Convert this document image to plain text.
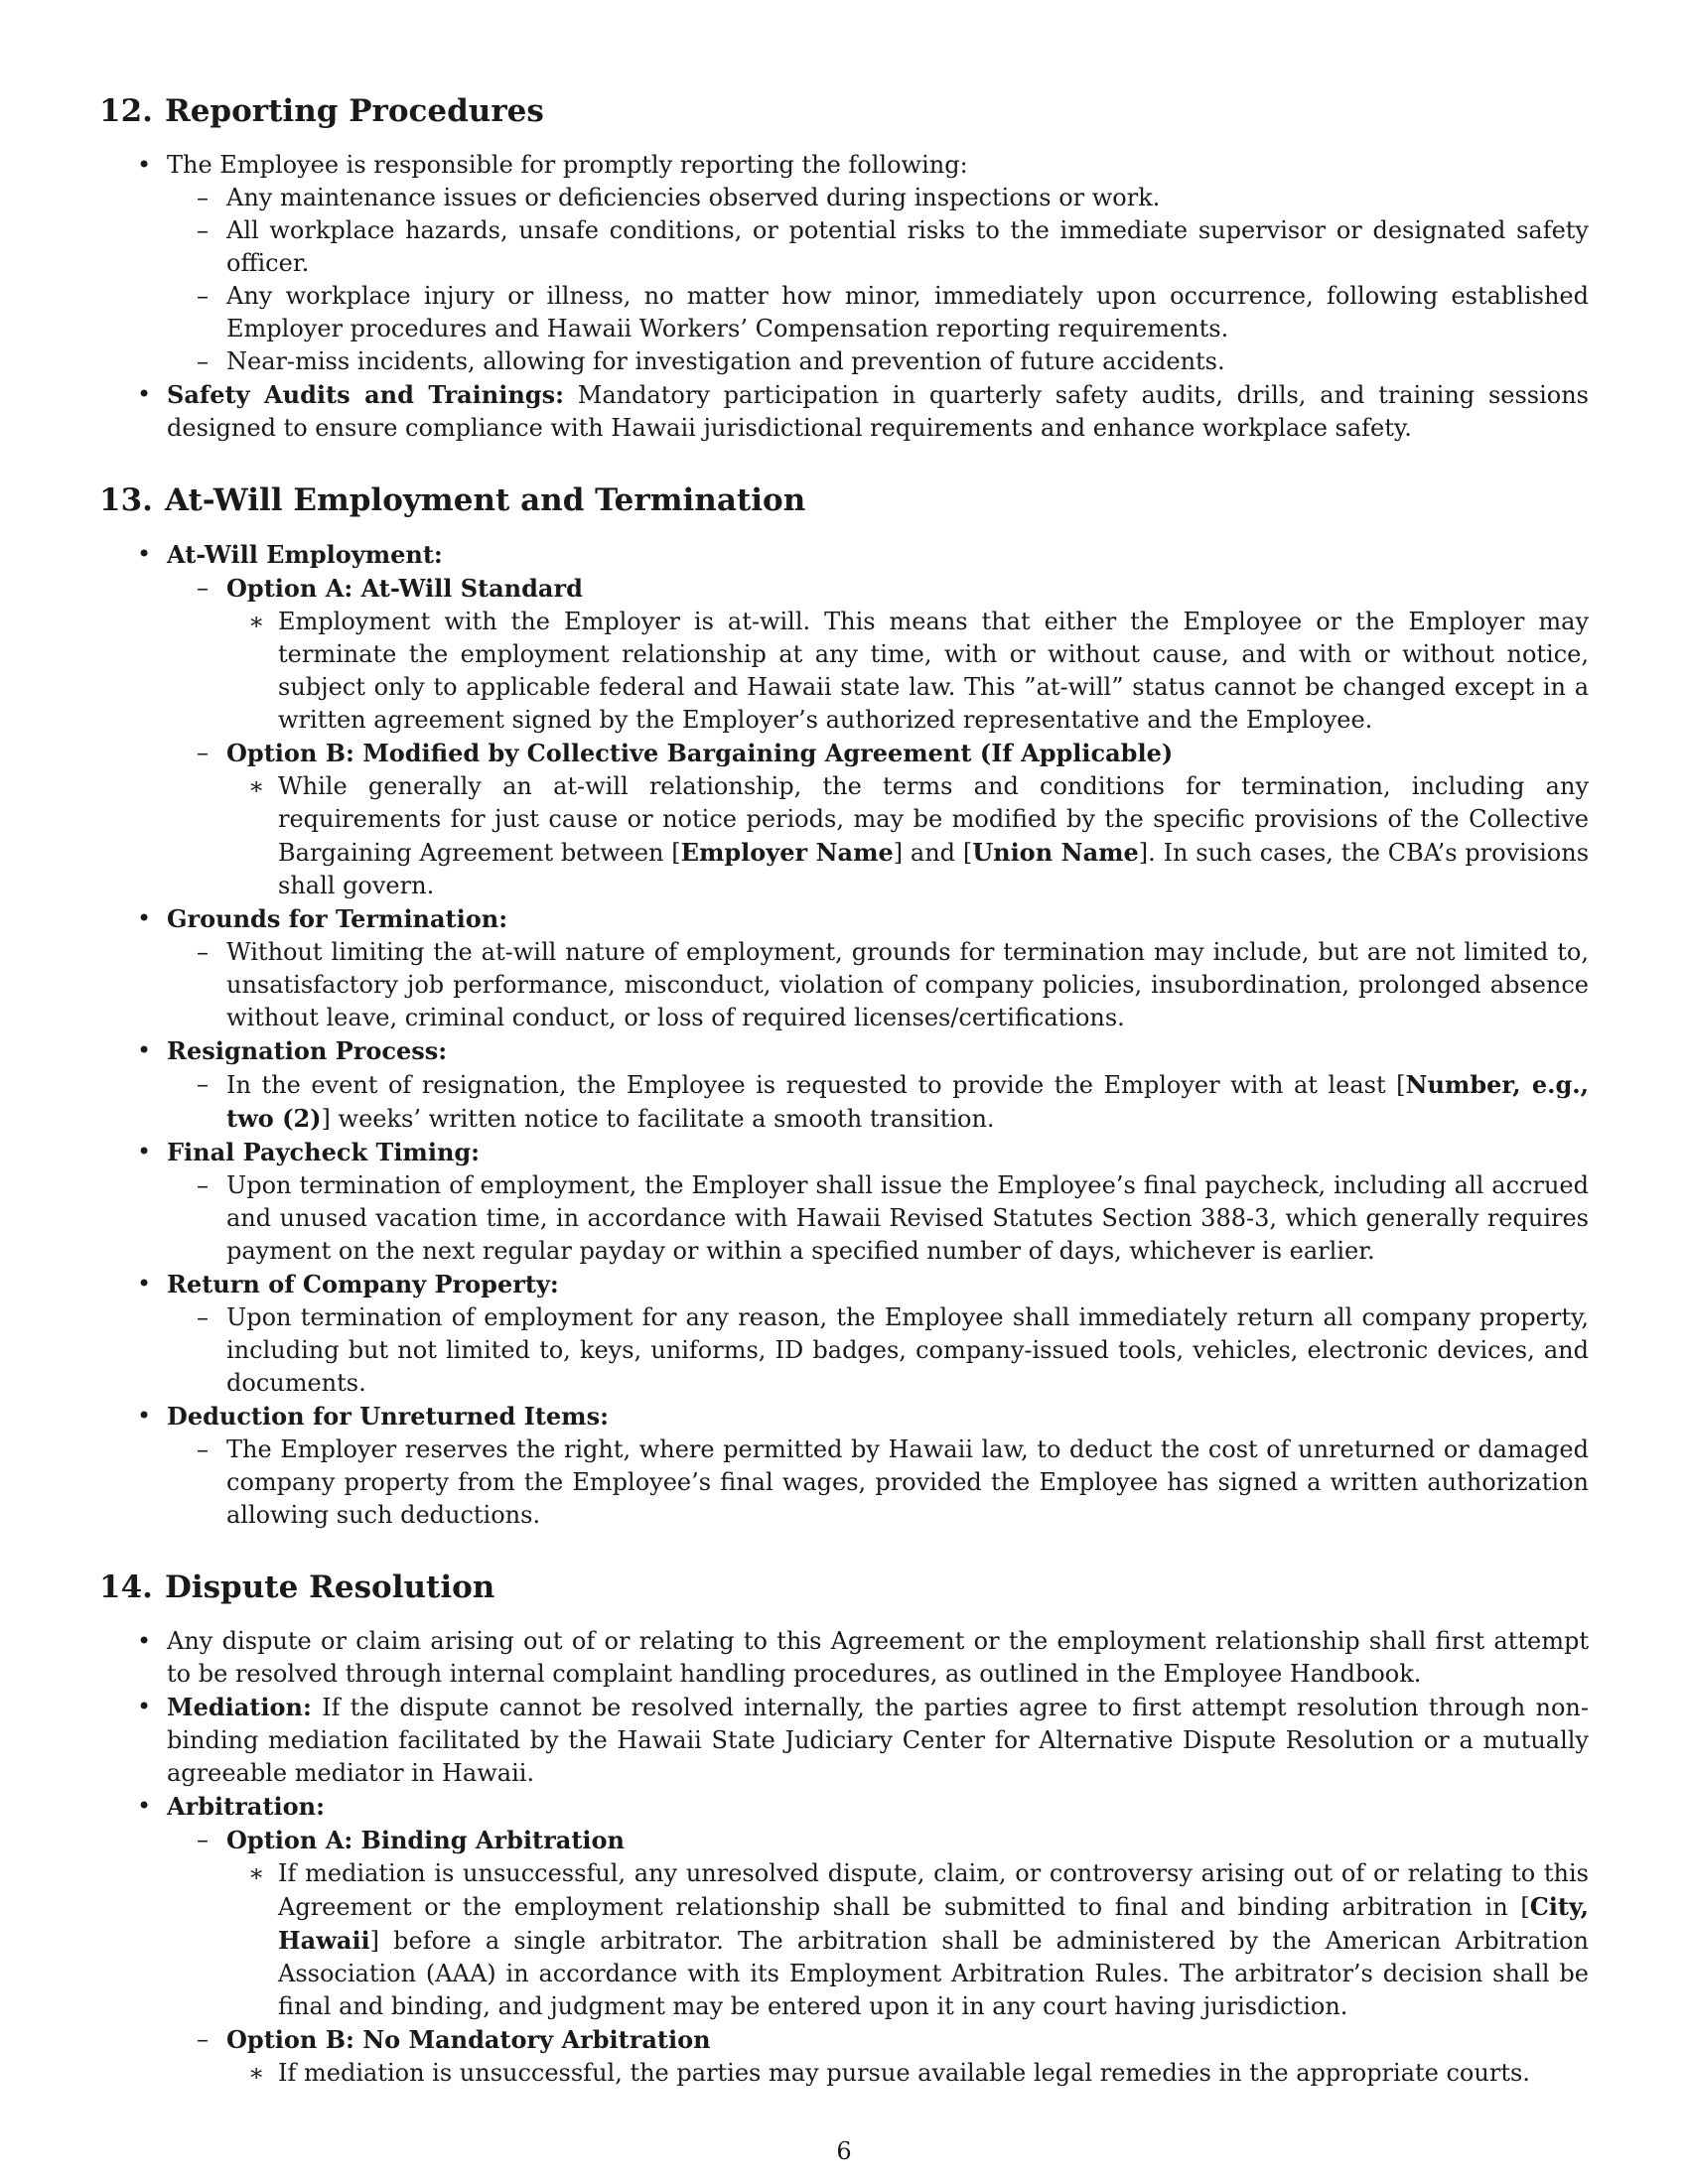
12. Reporting Procedures
• The Employee is responsible for promptly reporting the following:
– Any maintenance issues or deficiencies observed during inspections or work.
– All workplace hazards, unsafe conditions, or potential risks to the immediate supervisor or designated safety officer.
– Any workplace injury or illness, no matter how minor, immediately upon occurrence, following established Employer procedures and Hawaii Workers’ Compensation reporting requirements.
– Near-miss incidents, allowing for investigation and prevention of future accidents.
• Safety Audits and Trainings: Mandatory participation in quarterly safety audits, drills, and training sessions designed to ensure compliance with Hawaii jurisdictional requirements and enhance workplace safety.
13. At-Will Employment and Termination
• At-Will Employment:
– Option A: At-Will Standard
∗ Employment with the Employer is at-will. This means that either the Employee or the Employer may terminate the employment relationship at any time, with or without cause, and with or without notice, subject only to applicable federal and Hawaii state law. This ”at-will” status cannot be changed except in a written agreement signed by the Employer’s authorized representative and the Employee.
– Option B: Modified by Collective Bargaining Agreement (If Applicable)
∗ While generally an at-will relationship, the terms and conditions for termination, including any requirements for just cause or notice periods, may be modified by the specific provisions of the Collective Bargaining Agreement between [Employer Name] and [Union Name]. In such cases, the CBA’s provisions shall govern.
• Grounds for Termination:
– Without limiting the at-will nature of employment, grounds for termination may include, but are not limited to, unsatisfactory job performance, misconduct, violation of company policies, insubordination, prolonged absence without leave, criminal conduct, or loss of required licenses/certifications.
• Resignation Process:
– In the event of resignation, the Employee is requested to provide the Employer with at least [Number, e.g., two (2)] weeks’ written notice to facilitate a smooth transition.
• Final Paycheck Timing:
– Upon termination of employment, the Employer shall issue the Employee’s final paycheck, including all accrued and unused vacation time, in accordance with Hawaii Revised Statutes Section 388-3, which generally requires payment on the next regular payday or within a specified number of days, whichever is earlier.
• Return of Company Property:
– Upon termination of employment for any reason, the Employee shall immediately return all company property, including but not limited to, keys, uniforms, ID badges, company-issued tools, vehicles, electronic devices, and documents.
• Deduction for Unreturned Items:
– The Employer reserves the right, where permitted by Hawaii law, to deduct the cost of unreturned or damaged company property from the Employee’s final wages, provided the Employee has signed a written authorization allowing such deductions.
14. Dispute Resolution
• Any dispute or claim arising out of or relating to this Agreement or the employment relationship shall first attempt to be resolved through internal complaint handling procedures, as outlined in the Employee Handbook.
• Mediation: If the dispute cannot be resolved internally, the parties agree to first attempt resolution through non-binding mediation facilitated by the Hawaii State Judiciary Center for Alternative Dispute Resolution or a mutually agreeable mediator in Hawaii.
• Arbitration:
– Option A: Binding Arbitration
∗ If mediation is unsuccessful, any unresolved dispute, claim, or controversy arising out of or relating to this Agreement or the employment relationship shall be submitted to final and binding arbitration in [City, Hawaii] before a single arbitrator. The arbitration shall be administered by the American Arbitration Association (AAA) in accordance with its Employment Arbitration Rules. The arbitrator’s decision shall be final and binding, and judgment may be entered upon it in any court having jurisdiction.
– Option B: No Mandatory Arbitration
∗ If mediation is unsuccessful, the parties may pursue available legal remedies in the appropriate courts.
6
